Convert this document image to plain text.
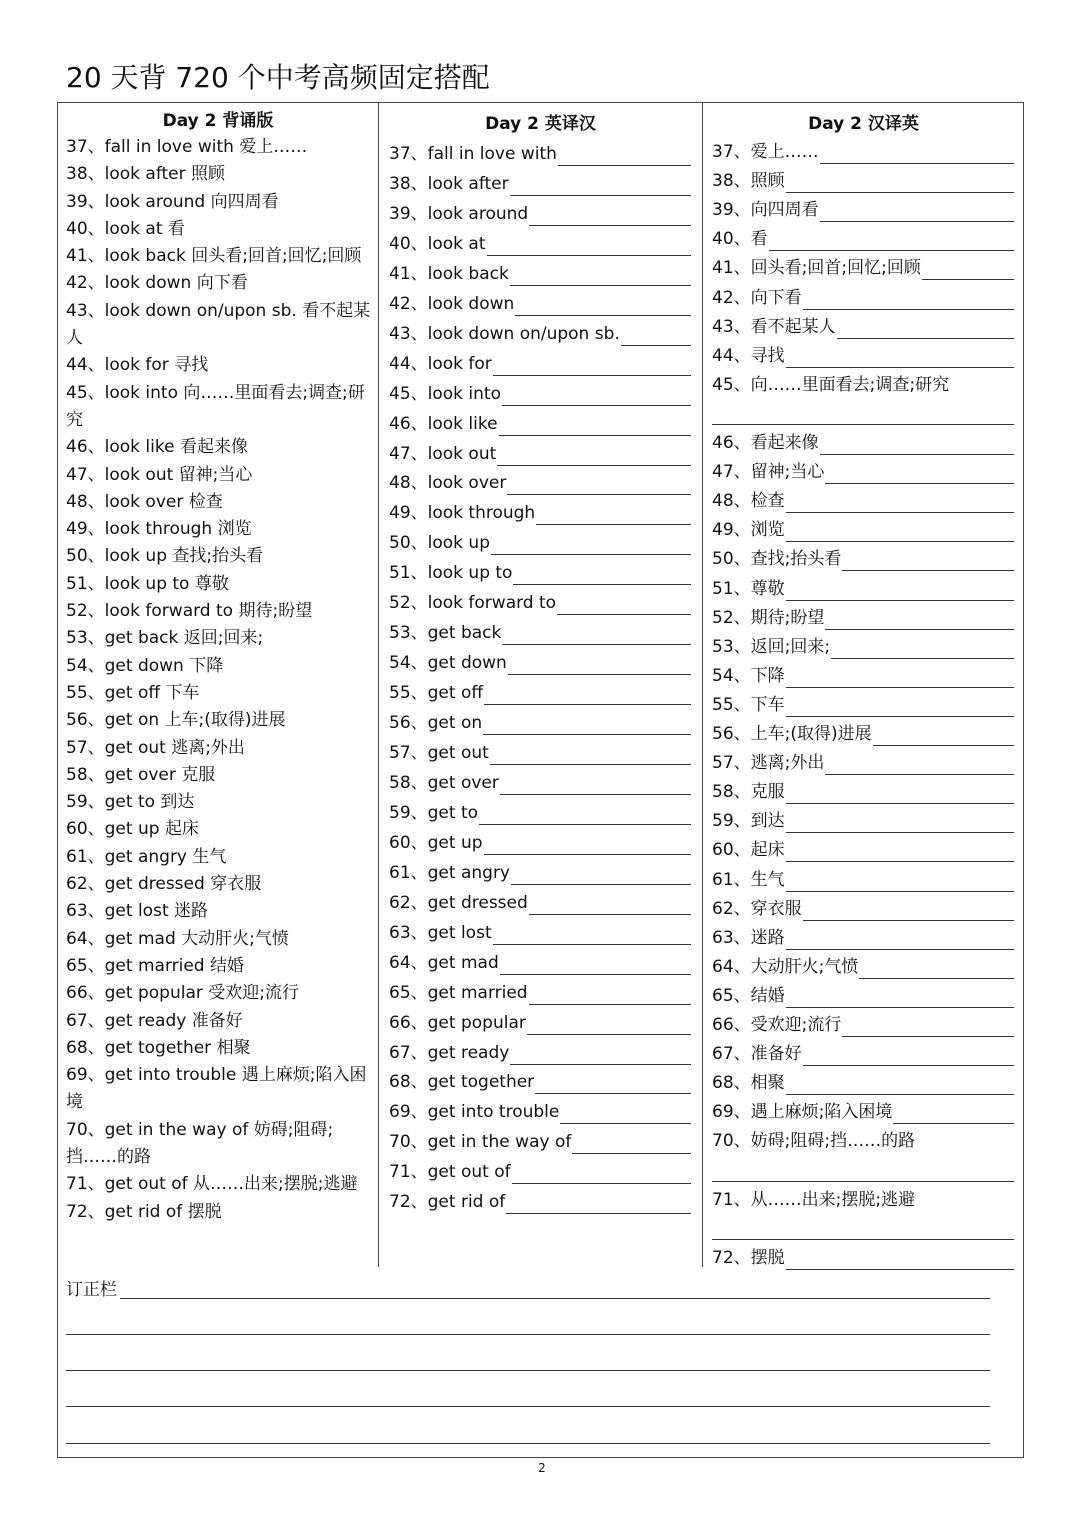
20 天背 720 个中考高频固定搭配
Day 2 背诵版	Day 2 英译汉	Day 2 汉译英
37、fall in love with 爱上……
38、look after 照顾
39、look around 向四周看
40、look at 看
41、look back 回头看;回首;回忆;回顾
42、look down 向下看
43、look down on/upon sb. 看不起某人
44、look for 寻找
45、look into 向……里面看去;调查;研究
46、look like 看起来像
47、look out 留神;当心
48、look over 检查
49、look through 浏览
50、look up 查找;抬头看
51、look up to 尊敬
52、look forward to 期待;盼望
53、get back 返回;回来;
54、get down 下降
55、get off 下车
56、get on 上车;(取得)进展
57、get out 逃离;外出
58、get over 克服
59、get to 到达
60、get up 起床
61、get angry 生气
62、get dressed 穿衣服
63、get lost 迷路
64、get mad 大动肝火;气愤
65、get married 结婚
66、get popular 受欢迎;流行
67、get ready 准备好
68、get together 相聚
69、get into trouble 遇上麻烦;陷入困境
70、get in the way of 妨碍;阻碍;挡……的路
71、get out of 从……出来;摆脱;逃避
72、get rid of 摆脱
37、 fall in love with
38、 look after
39、 look around
40、 look at
41、 look back
42、 look down
43、 look down on/upon sb.
44、 look for
45、 look into
46、 look like
47、 look out
48、 look over
49、 look through
50、 look up
51、 look up to
52、 look forward to
53、 get back
54、 get down
55、 get off
56、 get on
57、 get out
58、 get over
59、 get to
60、 get up
61、 get angry
62、 get dressed
63、 get lost
64、 get mad
65、 get married
66、 get popular
67、 get ready
68、 get together
69、 get into trouble
70、 get in the way of
71、 get out of
72、 get rid of
37、 爱上……
38、 照顾
39、 向四周看
40、 看
41、 回头看;回首;回忆;回顾
42、 向下看
43、 看不起某人
44、 寻找
45、 向……里面看去;调查;研究
46、 看起来像
47、 留神;当心
48、 检查
49、 浏览
50、 查找;抬头看
51、 尊敬
52、 期待;盼望
53、 返回;回来;
54、 下降
55、 下车
56、 上车;(取得)进展
57、 逃离;外出
58、 克服
59、 到达
60、 起床
61、 生气
62、 穿衣服
63、 迷路
64、 大动肝火;气愤
65、 结婚
66、 受欢迎;流行
67、 准备好
68、 相聚
69、 遇上麻烦;陷入困境
70、 妨碍;阻碍;挡……的路
71、 从……出来;摆脱;逃避
72、 摆脱
订正栏
2
